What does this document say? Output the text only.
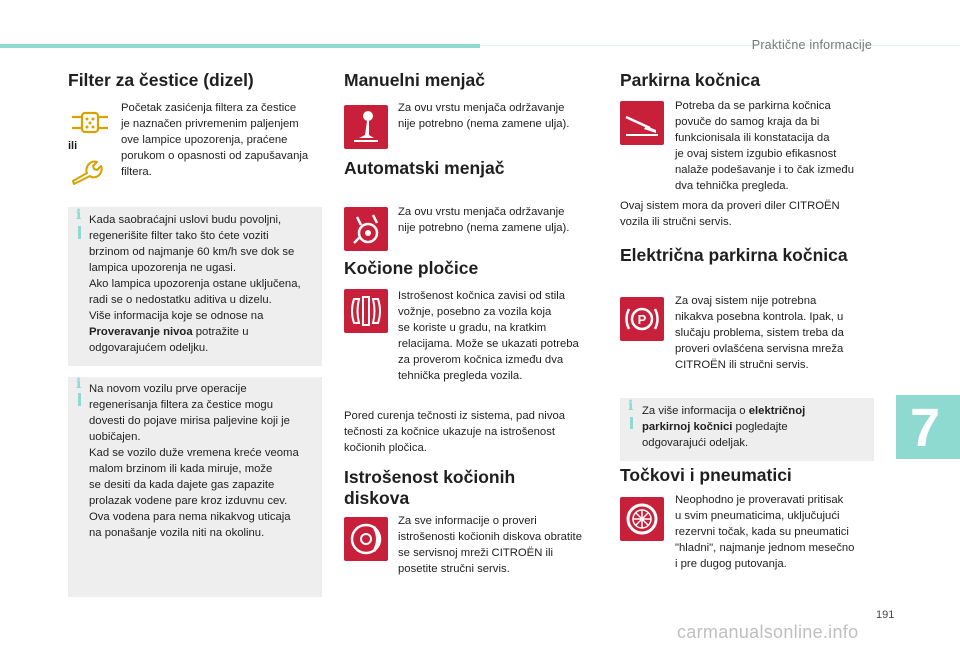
Praktične informacije
Filter za čestice (dizel)
ili
Početak zasićenja filtera za čestice
je naznačen privremenim paljenjem
ove lampice upozorenja, praćene
porukom o opasnosti od zapušavanja
filtera.
i Kada saobraćajni uslovi budu povoljni,
regenerišite filter tako što ćete voziti
brzinom od najmanje 60 km/h sve dok se
lampica upozorenja ne ugasi.
Ako lampica upozorenja ostane uključena,
radi se o nedostatku aditiva u dizelu.
Više informacija koje se odnose na
Proveravanje nivoa potražite u
odgovarajućem odeljku.
i Na novom vozilu prve operacije
regenerisanja filtera za čestice mogu
dovesti do pojave mirisa paljevine koji je
uobičajen.
Kad se vozilo duže vremena kreće veoma
malom brzinom ili kada miruje, može
se desiti da kada dajete gas zapazite
prolazak vodene pare kroz izduvnu cev.
Ova vodena para nema nikakvog uticaja
na ponašanje vozila niti na okolinu.
Manuelni menjač
Za ovu vrstu menjača održavanje
nije potrebno (nema zamene ulja).
Automatski menjač
Za ovu vrstu menjača održavanje
nije potrebno (nema zamene ulja).
Kočione pločice
Istrošenost kočnica zavisi od stila
vožnje, posebno za vozila koja
se koriste u gradu, na kratkim
relacijama. Može se ukazati potreba
za proverom kočnica između dva
tehnička pregleda vozila.
Pored curenja tečnosti iz sistema, pad nivoa
tečnosti za kočnice ukazuje na istrošenost
kočionih pločica.
Istrošenost kočionih
diskova
Za sve informacije o proveri
istrošenosti kočionih diskova obratite
se servisnoj mreži CITROËN ili
posetite stručni servis.
Parkirna kočnica
Potreba da se parkirna kočnica
povuče do samog kraja da bi
funkcionisala ili konstatacija da
je ovaj sistem izgubio efikasnost
nalaže podešavanje i to čak između
dva tehnička pregleda.
Ovaj sistem mora da proveri diler CITROËN
vozila ili stručni servis.
Električna parkirna kočnica
P
Za ovaj sistem nije potrebna
nikakva posebna kontrola. Ipak, u
slučaju problema, sistem treba da
proveri ovlašćena servisna mreža
CITROËN ili stručni servis.
i Za više informacija o električnoj
parkirnoj kočnici pogledajte
odgovarajući odeljak.
Točkovi i pneumatici
Neophodno je proveravati pritisak
u svim pneumaticima, uključujući
rezervni točak, kada su pneumatici
"hladni", najmanje jednom mesečno
i pre dugog putovanja.
7
191
carmanualsonline.info
